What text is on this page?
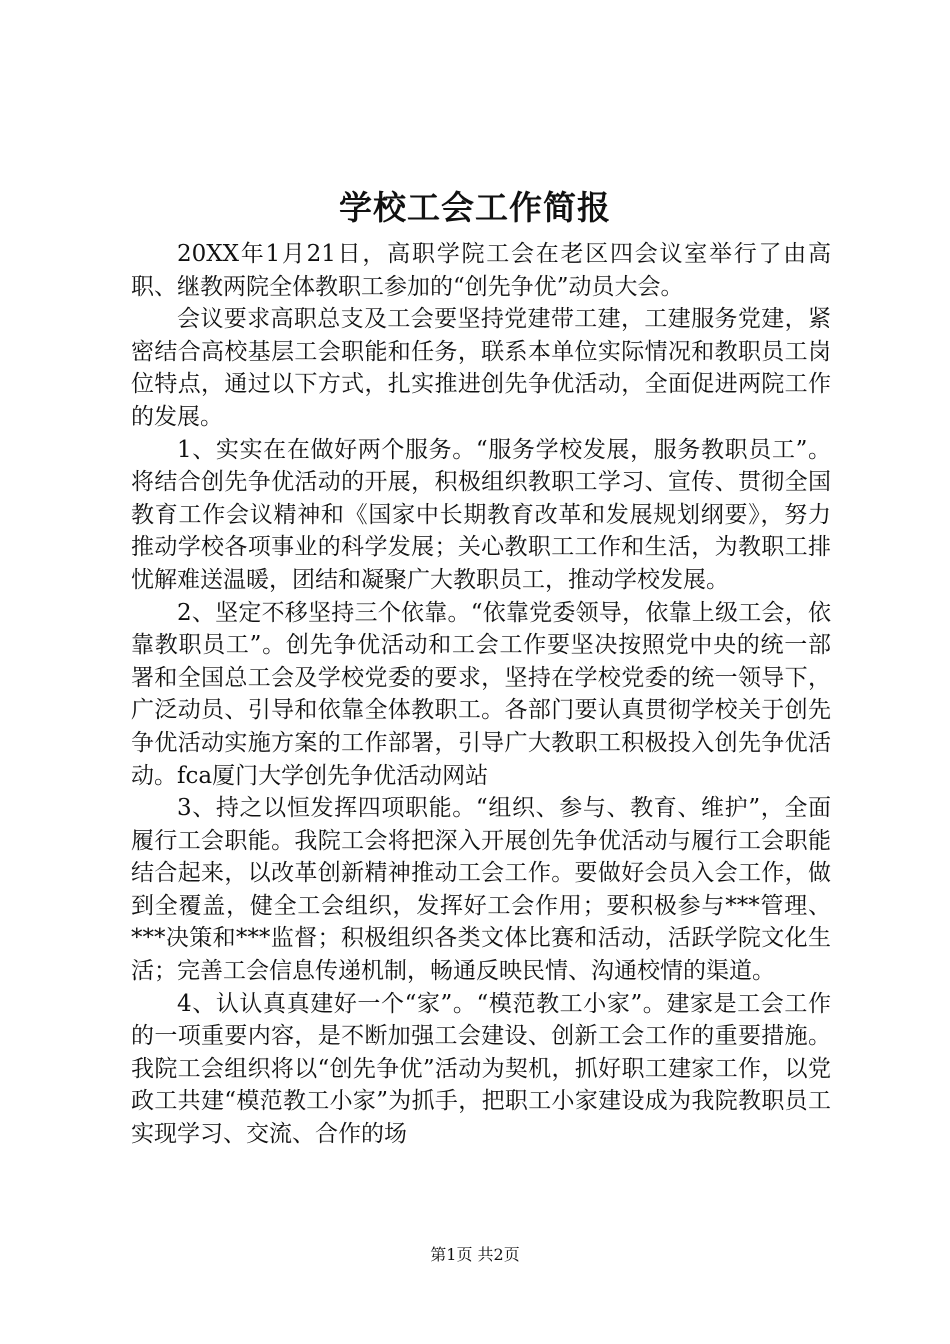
学校工会工作简报

20XX年1月21日，高职学院工会在老区四会议室举行了由高职、继教两院全体教职工参加的“创先争优”动员大会。

会议要求高职总支及工会要坚持党建带工建，工建服务党建，紧密结合高校基层工会职能和任务，联系本单位实际情况和教职员工岗位特点，通过以下方式，扎实推进创先争优活动，全面促进两院工作的发展。

1、实实在在做好两个服务。“服务学校发展，服务教职员工”。将结合创先争优活动的开展，积极组织教职工学习、宣传、贯彻全国教育工作会议精神和《国家中长期教育改革和发展规划纲要》，努力推动学校各项事业的科学发展；关心教职工工作和生活，为教职工排忧解难送温暖，团结和凝聚广大教职员工，推动学校发展。

2、坚定不移坚持三个依靠。“依靠党委领导，依靠上级工会，依靠教职员工”。创先争优活动和工会工作要坚决按照党中央的统一部署和全国总工会及学校党委的要求，坚持在学校党委的统一领导下，广泛动员、引导和依靠全体教职工。各部门要认真贯彻学校关于创先争优活动实施方案的工作部署，引导广大教职工积极投入创先争优活动。fca厦门大学创先争优活动网站

3、持之以恒发挥四项职能。“组织、参与、教育、维护”，全面履行工会职能。我院工会将把深入开展创先争优活动与履行工会职能结合起来，以改革创新精神推动工会工作。要做好会员入会工作，做到全覆盖，健全工会组织，发挥好工会作用；要积极参与***管理、***决策和***监督；积极组织各类文体比赛和活动，活跃学院文化生活；完善工会信息传递机制，畅通反映民情、沟通校情的渠道。

4、认认真真建好一个“家”。“模范教工小家”。建家是工会工作的一项重要内容，是不断加强工会建设、创新工会工作的重要措施。我院工会组织将以“创先争优”活动为契机，抓好职工建家工作，以党政工共建“模范教工小家”为抓手，把职工小家建设成为我院教职员工实现学习、交流、合作的场

第1页 共2页
